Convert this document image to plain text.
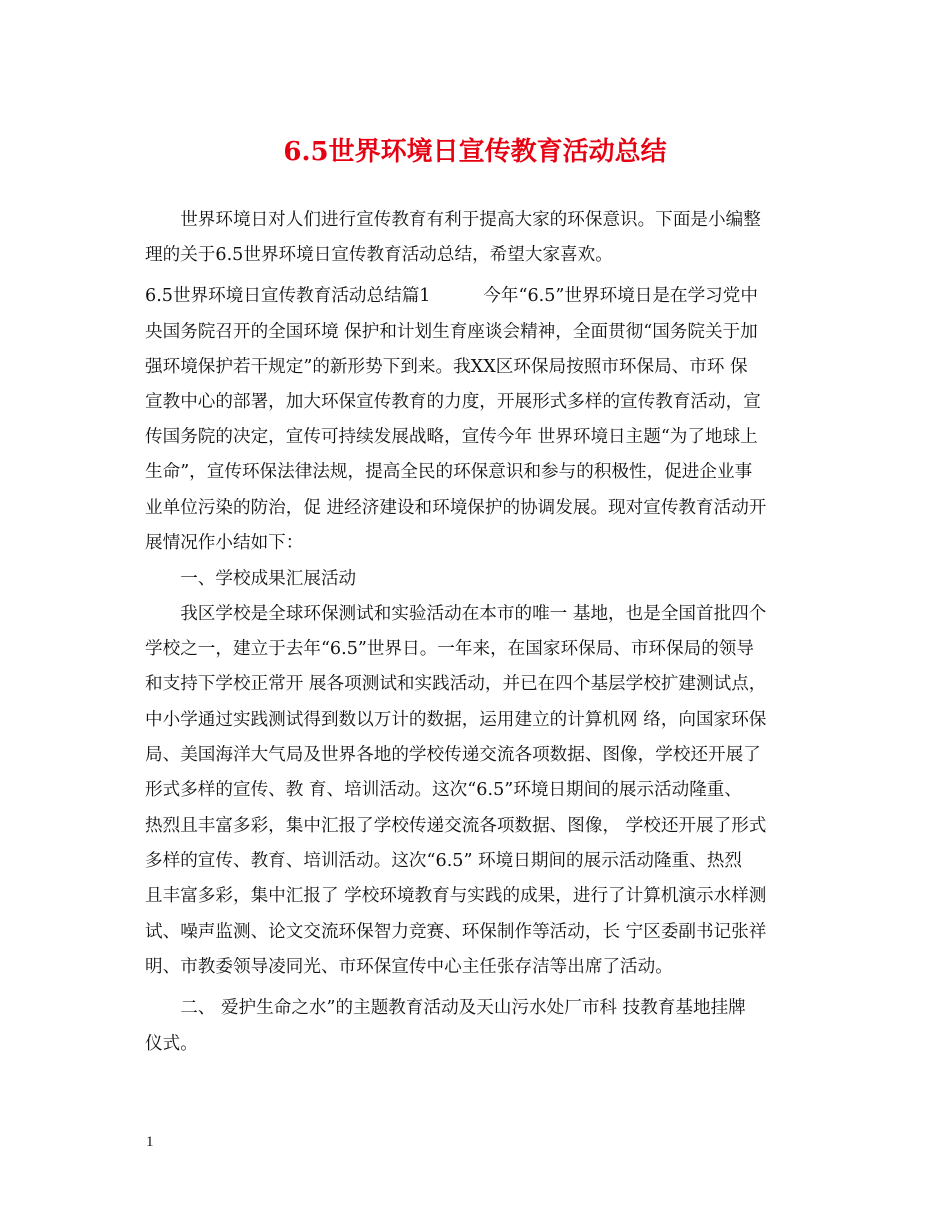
6.5世界环境日宣传教育活动总结
　　世界环境日对人们进行宣传教育有利于提高大家的环保意识。下面是小编整
理的关于6.5世界环境日宣传教育活动总结，希望大家喜欢。
6.5世界环境日宣传教育活动总结篇1　　　今年“6.5”世界环境日是在学习党中
央国务院召开的全国环境 保护和计划生育座谈会精神，全面贯彻“国务院关于加
强环境保护若干规定”的新形势下到来。我XX区环保局按照市环保局、市环 保
宣教中心的部署，加大环保宣传教育的力度，开展形式多样的宣传教育活动，宣
传国务院的决定，宣传可持续发展战略，宣传今年 世界环境日主题“为了地球上
生命”，宣传环保法律法规，提高全民的环保意识和参与的积极性，促进企业事
业单位污染的防治，促 进经济建设和环境保护的协调发展。现对宣传教育活动开
展情况作小结如下：
　　一、学校成果汇展活动
　　我区学校是全球环保测试和实验活动在本市的唯一 基地，也是全国首批四个
学校之一，建立于去年“6.5”世界日。一年来，在国家环保局、市环保局的领导
和支持下学校正常开 展各项测试和实践活动，并已在四个基层学校扩建测试点，
中小学通过实践测试得到数以万计的数据，运用建立的计算机网 络，向国家环保
局、美国海洋大气局及世界各地的学校传递交流各项数据、图像，学校还开展了
形式多样的宣传、教 育、培训活动。这次“6.5”环境日期间的展示活动隆重、
热烈且丰富多彩，集中汇报了学校传递交流各项数据、图像， 学校还开展了形式
多样的宣传、教育、培训活动。这次“6.5” 环境日期间的展示活动隆重、热烈
且丰富多彩，集中汇报了 学校环境教育与实践的成果，进行了计算机演示水样测
试、噪声监测、论文交流环保智力竞赛、环保制作等活动，长 宁区委副书记张祥
明、市教委领导凌同光、市环保宣传中心主任张存洁等出席了活动。
　　二、 爱护生命之水”的主题教育活动及天山污水处厂市科 技教育基地挂牌
仪式。
1
